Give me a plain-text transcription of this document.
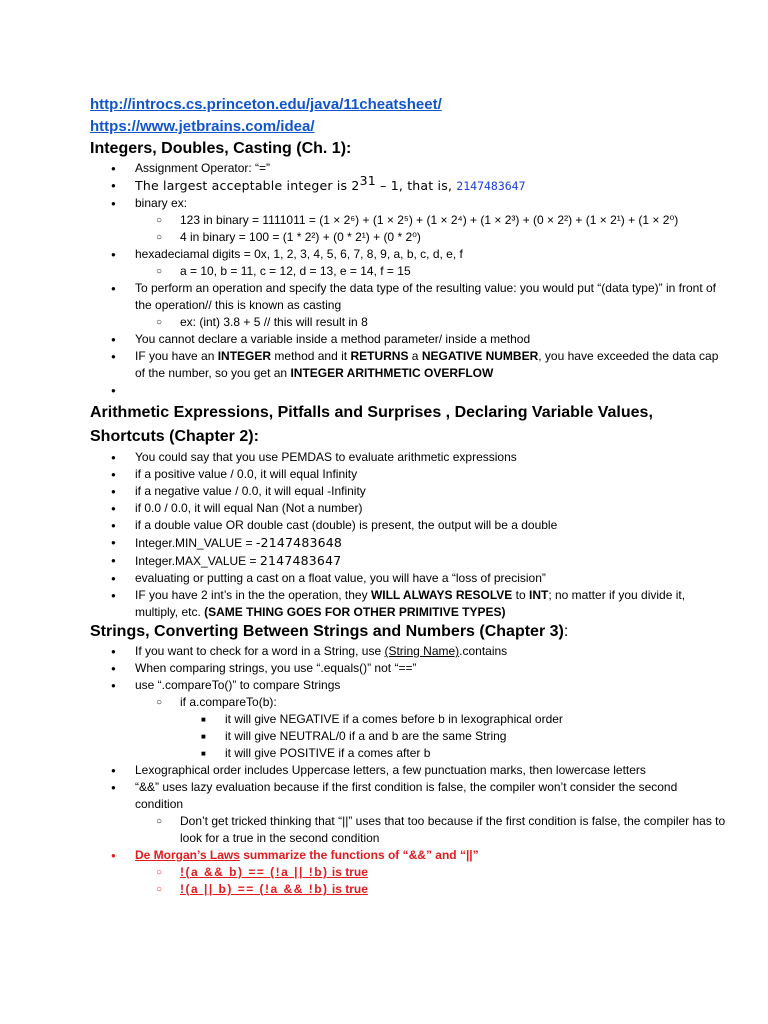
http://introcs.cs.princeton.edu/java/11cheatsheet/
https://www.jetbrains.com/idea/
Integers, Doubles, Casting (Ch. 1):
● Assignment Operator: “=”
● The largest acceptable integer is $2^{31} - 1$, that is, 2147483647
● binary ex:
○ 123 in binary = 1111011 = (1 × 2⁶) + (1 × 2⁵) + (1 × 2⁴) + (1 × 2³) + (0 × 2²) + (1 × 2¹) + (1 × 2⁰)
○ 4 in binary = 100 = (1 * 2²) + (0 * 2¹) + (0 * 2⁰)
● hexadeciamal digits = 0x, 1, 2, 3, 4, 5, 6, 7, 8, 9, a, b, c, d, e, f
○ a = 10, b = 11, c = 12, d = 13, e = 14, f = 15
● To perform an operation and specify the data type of the resulting value: you would put “(data type)” in front of the operation// this is known as casting
○ ex: (int) 3.8 + 5 // this will result in 8
● You cannot declare a variable inside a method parameter/ inside a method
● IF you have an INTEGER method and it RETURNS a NEGATIVE NUMBER, you have exceeded the data cap of the number, so you get an INTEGER ARITHMETIC OVERFLOW
●
Arithmetic Expressions, Pitfalls and Surprises , Declaring Variable Values, Shortcuts (Chapter 2):
● You could say that you use PEMDAS to evaluate arithmetic expressions
● if a positive value / 0.0, it will equal Infinity
● if a negative value / 0.0, it will equal -Infinity
● if 0.0 / 0.0, it will equal Nan (Not a number)
● if a double value OR double cast (double) is present, the output will be a double
● Integer.MIN_VALUE = -2147483648
● Integer.MAX_VALUE = 2147483647
● evaluating or putting a cast on a float value, you will have a “loss of precision”
● IF you have 2 int’s in the the operation, they WILL ALWAYS RESOLVE to INT; no matter if you divide it, multiply, etc. (SAME THING GOES FOR OTHER PRIMITIVE TYPES)
Strings, Converting Between Strings and Numbers (Chapter 3):
● If you want to check for a word in a String, use (String Name).contains
● When comparing strings, you use “.equals()” not “==”
● use “.compareTo()” to compare Strings
○ if a.compareTo(b):
■ it will give NEGATIVE if a comes before b in lexographical order
■ it will give NEUTRAL/0 if a and b are the same String
■ it will give POSITIVE if a comes after b
● Lexographical order includes Uppercase letters, a few punctuation marks, then lowercase letters
● “&&” uses lazy evaluation because if the first condition is false, the compiler won’t consider the second condition
○ Don’t get tricked thinking that “||” uses that too because if the first condition is false, the compiler has to look for a true in the second condition
● De Morgan’s Laws summarize the functions of “&&” and “||”
○ !(a && b) == (!a || !b) is true
○ !(a || b) == (!a && !b) is true
